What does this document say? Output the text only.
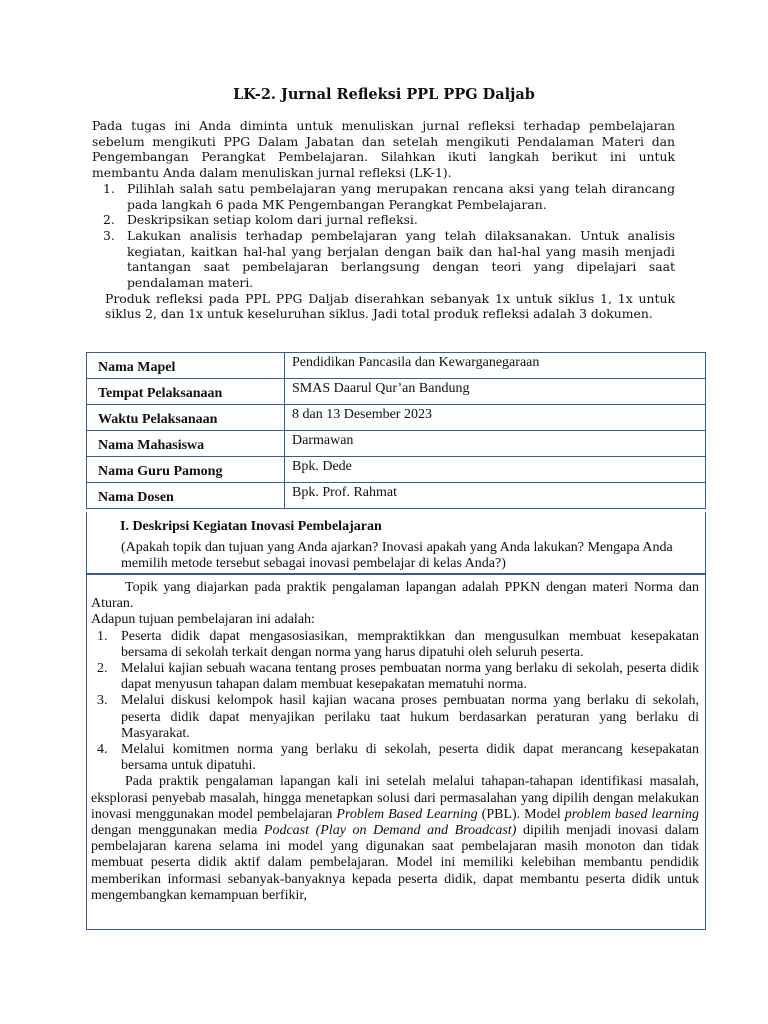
LK-2. Jurnal Refleksi PPL PPG Daljab

Pada tugas ini Anda diminta untuk menuliskan jurnal refleksi terhadap pembelajaran sebelum mengikuti PPG Dalam Jabatan dan setelah mengikuti Pendalaman Materi dan Pengembangan Perangkat Pembelajaran. Silahkan ikuti langkah berikut ini untuk membantu Anda dalam menuliskan jurnal refleksi (LK-1).

1. Pilihlah salah satu pembelajaran yang merupakan rencana aksi yang telah dirancang pada langkah 6 pada MK Pengembangan Perangkat Pembelajaran.
2. Deskripsikan setiap kolom dari jurnal refleksi.
3. Lakukan analisis terhadap pembelajaran yang telah dilaksanakan. Untuk analisis kegiatan, kaitkan hal-hal yang berjalan dengan baik dan hal-hal yang masih menjadi tantangan saat pembelajaran berlangsung dengan teori yang dipelajari saat pendalaman materi.

Produk refleksi pada PPL PPG Daljab diserahkan sebanyak 1x untuk siklus 1, 1x untuk siklus 2, dan 1x untuk keseluruhan siklus. Jadi total produk refleksi adalah 3 dokumen.

Nama Mapel	Pendidikan Pancasila dan Kewarganegaraan
Tempat Pelaksanaan	SMAS Daarul Qur’an Bandung
Waktu Pelaksanaan	8 dan 13 Desember 2023
Nama Mahasiswa	Darmawan
Nama Guru Pamong	Bpk. Dede
Nama Dosen	Bpk. Prof. Rahmat
I. Deskripsi Kegiatan Inovasi Pembelajaran
(Apakah topik dan tujuan yang Anda ajarkan? Inovasi apakah yang Anda lakukan? Mengapa Anda memilih metode tersebut sebagai inovasi pembelajar di kelas Anda?)

Topik yang diajarkan pada praktik pengalaman lapangan adalah PPKN dengan materi Norma dan Aturan.

Adapun tujuan pembelajaran ini adalah:

1. Peserta didik dapat mengasosiasikan, mempraktikkan dan mengusulkan membuat kesepakatan bersama di sekolah terkait dengan norma yang harus dipatuhi oleh seluruh peserta.
2. Melalui kajian sebuah wacana tentang proses pembuatan norma yang berlaku di sekolah, peserta didik dapat menyusun tahapan dalam membuat kesepakatan mematuhi norma.
3. Melalui diskusi kelompok hasil kajian wacana proses pembuatan norma yang berlaku di sekolah, peserta didik dapat menyajikan perilaku taat hukum berdasarkan peraturan yang berlaku di Masyarakat.
4. Melalui komitmen norma yang berlaku di sekolah, peserta didik dapat merancang kesepakatan bersama untuk dipatuhi.

Pada praktik pengalaman lapangan kali ini setelah melalui tahapan-tahapan identifikasi masalah, eksplorasi penyebab masalah, hingga menetapkan solusi dari permasalahan yang dipilih dengan melakukan inovasi menggunakan model pembelajaran Problem Based Learning (PBL). Model problem based learning dengan menggunakan media Podcast (Play on Demand and Broadcast) dipilih menjadi inovasi dalam pembelajaran karena selama ini model yang digunakan saat pembelajaran masih monoton dan tidak membuat peserta didik aktif dalam pembelajaran. Model ini memiliki kelebihan membantu pendidik memberikan informasi sebanyak-banyaknya kepada peserta didik, dapat membantu peserta didik untuk mengembangkan kemampuan berfikir,
